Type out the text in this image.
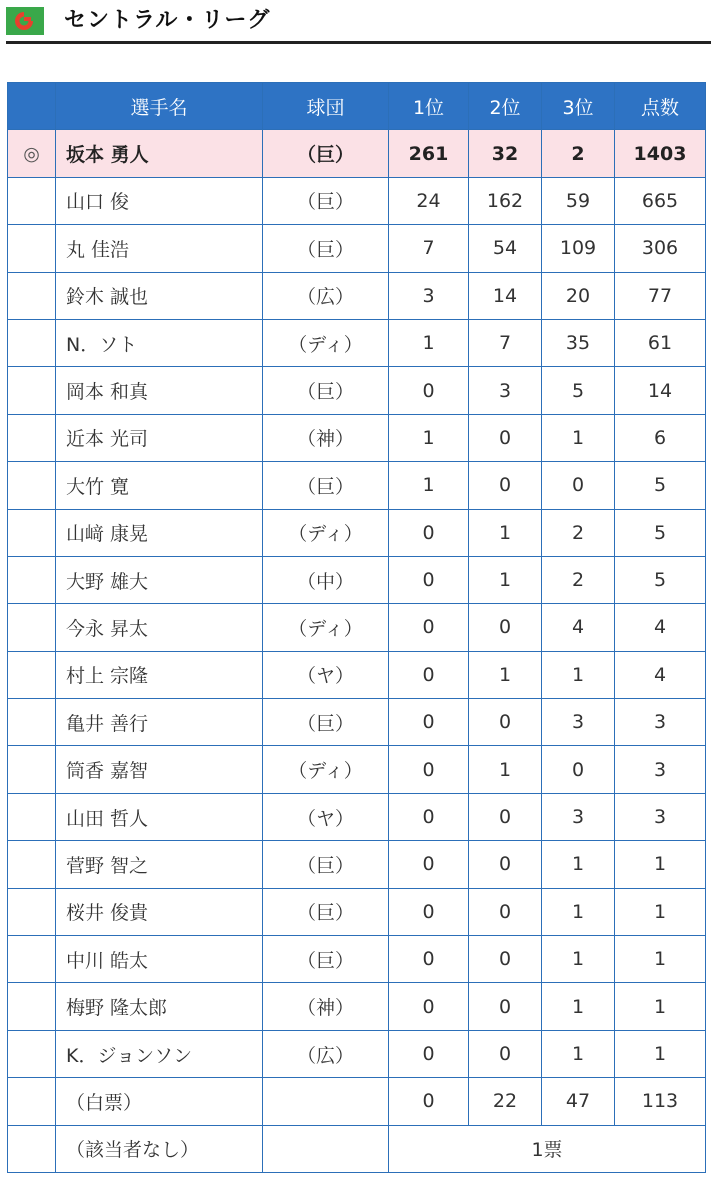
セントラル・リーグ
	選手名	球団	1位	2位	3位	点数
◎	坂本 勇人	（巨）	261	32	2	1403
	山口 俊	（巨）	24	162	59	665
	丸 佳浩	（巨）	7	54	109	306
	鈴木 誠也	（広）	3	14	20	77
	N．ソト	（ディ）	1	7	35	61
	岡本 和真	（巨）	0	3	5	14
	近本 光司	（神）	1	0	1	6
	大竹 寛	（巨）	1	0	0	5
	山﨑 康晃	（ディ）	0	1	2	5
	大野 雄大	（中）	0	1	2	5
	今永 昇太	（ディ）	0	0	4	4
	村上 宗隆	（ヤ）	0	1	1	4
	亀井 善行	（巨）	0	0	3	3
	筒香 嘉智	（ディ）	0	1	0	3
	山田 哲人	（ヤ）	0	0	3	3
	菅野 智之	（巨）	0	0	1	1
	桜井 俊貴	（巨）	0	0	1	1
	中川 皓太	（巨）	0	0	1	1
	梅野 隆太郎	（神）	0	0	1	1
	K．ジョンソン	（広）	0	0	1	1
	（白票）		0	22	47	113
	（該当者なし）		1票			
